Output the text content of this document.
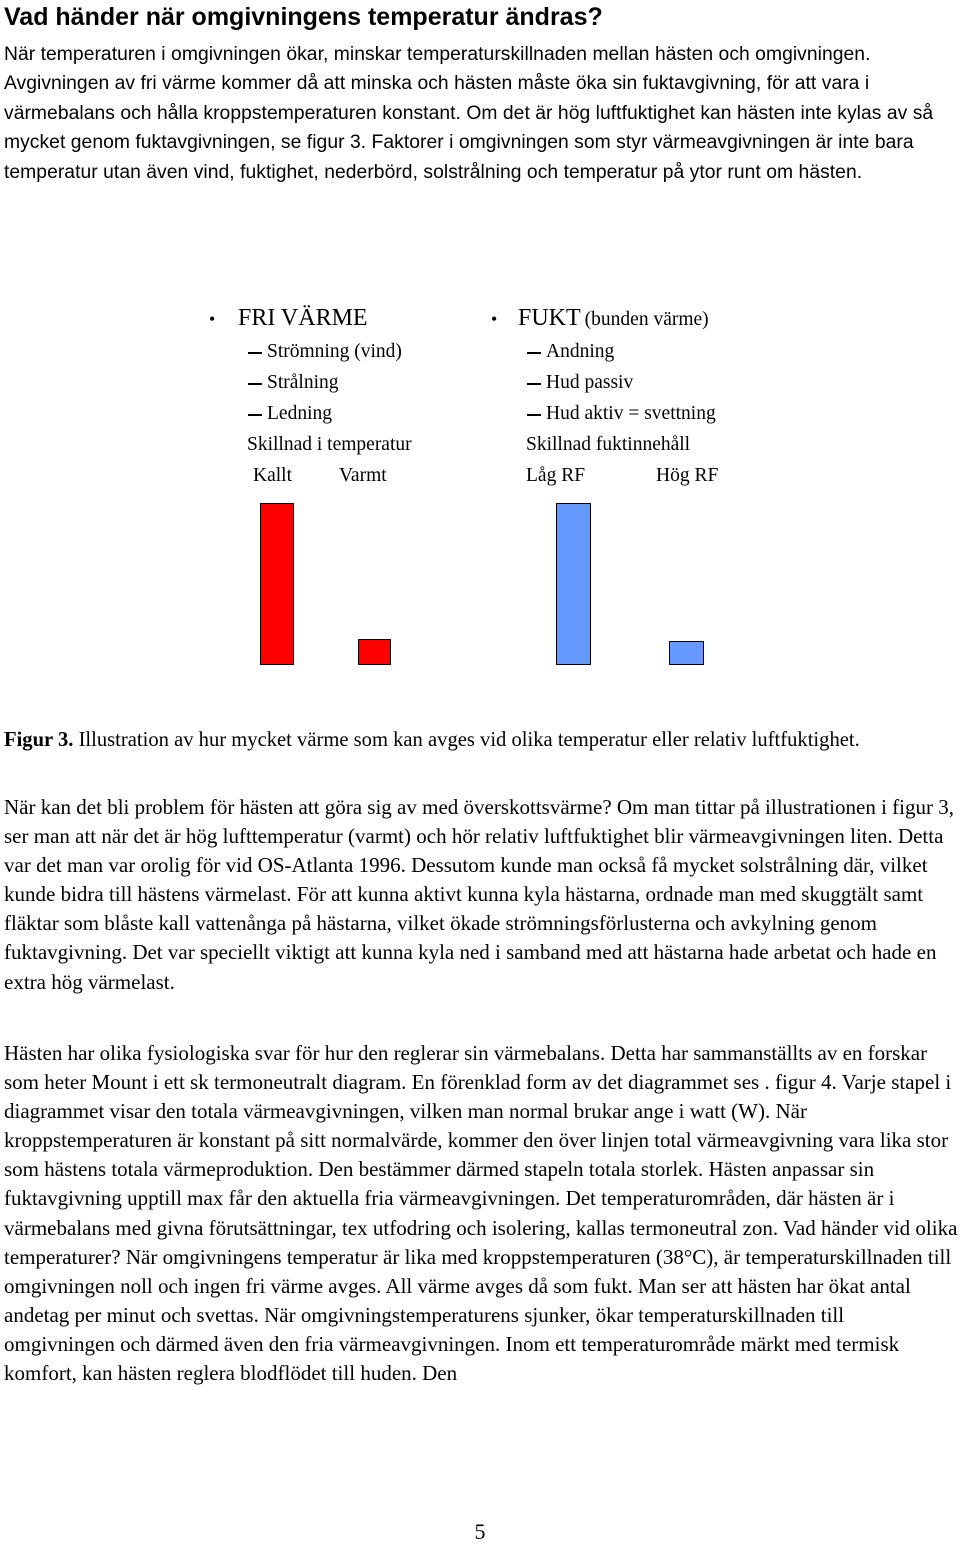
Vad händer när omgivningens temperatur ändras?

När temperaturen i omgivningen ökar, minskar temperaturskillnaden mellan hästen och omgivningen. Avgivningen av fri värme kommer då att minska och hästen måste öka sin fuktavgivning, för att vara i värmebalans och hålla kroppstemperaturen konstant. Om det är hög luftfuktighet kan hästen inte kylas av så mycket genom fuktavgivningen, se figur 3. Faktorer i omgivningen som styr värmeavgivningen är inte bara temperatur utan även vind, fuktighet, nederbörd, solstrålning och temperatur på ytor runt om hästen.

• FRI VÄRME
Strömning (vind)
Strålning
Ledning
Skillnad i temperatur
Kallt Varmt
• FUKT (bunden värme)
Andning
Hud passiv
Hud aktiv = svettning
Skillnad fuktinnehåll
Låg RF	Hög RF

Figur 3. Illustration av hur mycket värme som kan avges vid olika temperatur eller relativ luftfuktighet.

När kan det bli problem för hästen att göra sig av med överskottsvärme? Om man tittar på illustrationen i figur 3, ser man att när det är hög lufttemperatur (varmt) och hör relativ luftfuktighet blir värmeavgivningen liten. Detta var det man var orolig för vid OS-Atlanta 1996. Dessutom kunde man också få mycket solstrålning där, vilket kunde bidra till hästens värmelast. För att kunna aktivt kunna kyla hästarna, ordnade man med skuggtält samt fläktar som blåste kall vattenånga på hästarna, vilket ökade strömningsförlusterna och avkylning genom fuktavgivning. Det var speciellt viktigt att kunna kyla ned i samband med att hästarna hade arbetat och hade en extra hög värmelast.

Hästen har olika fysiologiska svar för hur den reglerar sin värmebalans. Detta har sammanställts av en forskar som heter Mount i ett sk termoneutralt diagram. En förenklad form av det diagrammet ses . figur 4. Varje stapel i diagrammet visar den totala värmeavgivningen, vilken man normal brukar ange i watt (W). När kroppstemperaturen är konstant på sitt normalvärde, kommer den över linjen total värmeavgivning vara lika stor som hästens totala värmeproduktion. Den bestämmer därmed stapeln totala storlek. Hästen anpassar sin fuktavgivning upptill max får den aktuella fria värmeavgivningen. Det temperaturområden, där hästen är i värmebalans med givna förutsättningar, tex utfodring och isolering, kallas termoneutral zon. Vad händer vid olika temperaturer? När omgivningens temperatur är lika med kroppstemperaturen (38°C), är temperaturskillnaden till omgivningen noll och ingen fri värme avges. All värme avges då som fukt. Man ser att hästen har ökat antal andetag per minut och svettas. När omgivningstemperaturens sjunker, ökar temperaturskillnaden till omgivningen och därmed även den fria värmeavgivningen. Inom ett temperaturområde märkt med termisk komfort, kan hästen reglera blodflödet till huden. Den

5
